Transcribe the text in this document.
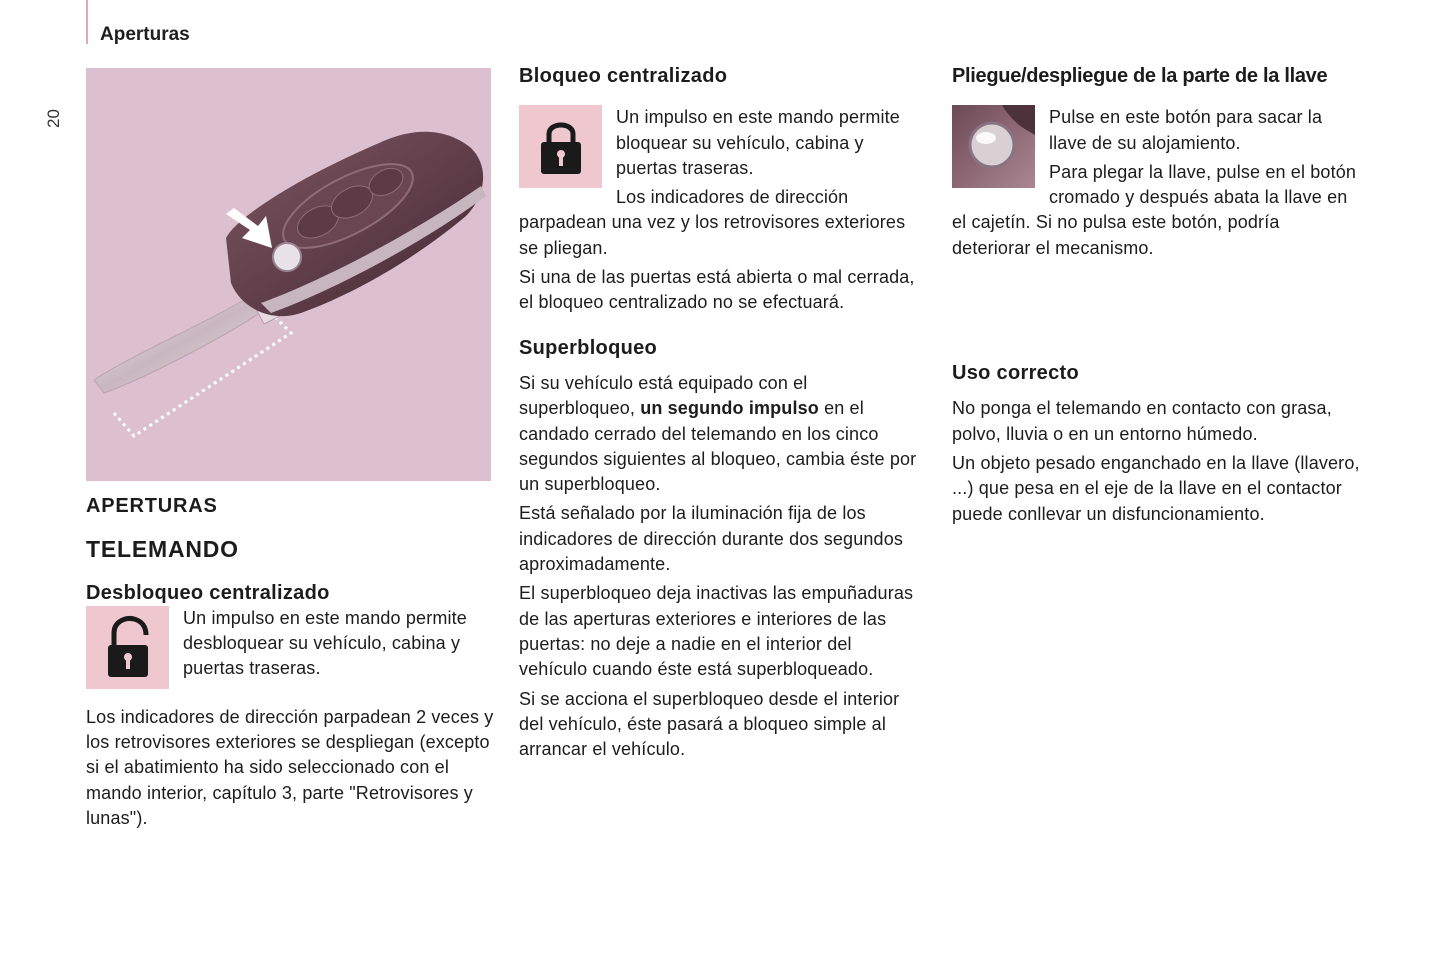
Aperturas
20
APERTURAS
TELEMANDO
Desbloqueo centralizado

Un impulso en este mando permite desbloquear su vehículo, cabina y puertas traseras.

Los indicadores de dirección parpadean 2 veces y los retrovisores exteriores se despliegan (excepto si el abatimiento ha sido seleccionado con el mando interior, capítulo 3, parte "Retrovisores y lunas").

Bloqueo centralizado

Un impulso en este mando permite bloquear su vehículo, cabina y puertas traseras.

Los indicadores de dirección parpadean una vez y los retrovisores exteriores se pliegan.

Si una de las puertas está abierta o mal cerrada, el bloqueo centralizado no se efectuará.

Superbloqueo

Si su vehículo está equipado con el superbloqueo, un segundo impulso en el candado cerrado del telemando en los cinco segundos siguientes al bloqueo, cambia éste por un superbloqueo.

Está señalado por la iluminación fija de los indicadores de dirección durante dos segundos aproximadamente.

El superbloqueo deja inactivas las empuñaduras de las aperturas exteriores e interiores de las puertas: no deje a nadie en el interior del vehículo cuando éste está superbloqueado.

Si se acciona el superbloqueo desde el interior del vehículo, éste pasará a bloqueo simple al arrancar el vehículo.

Pliegue/despliegue de la parte de la llave

Pulse en este botón para sacar la llave de su alojamiento.

Para plegar la llave, pulse en el botón cromado y después abata la llave en el cajetín. Si no pulsa este botón, podría deteriorar el mecanismo.

Uso correcto

No ponga el telemando en contacto con grasa, polvo, lluvia o en un entorno húmedo.

Un objeto pesado enganchado en la llave (llavero, ...) que pesa en el eje de la llave en el contactor puede conllevar un disfuncionamiento.
